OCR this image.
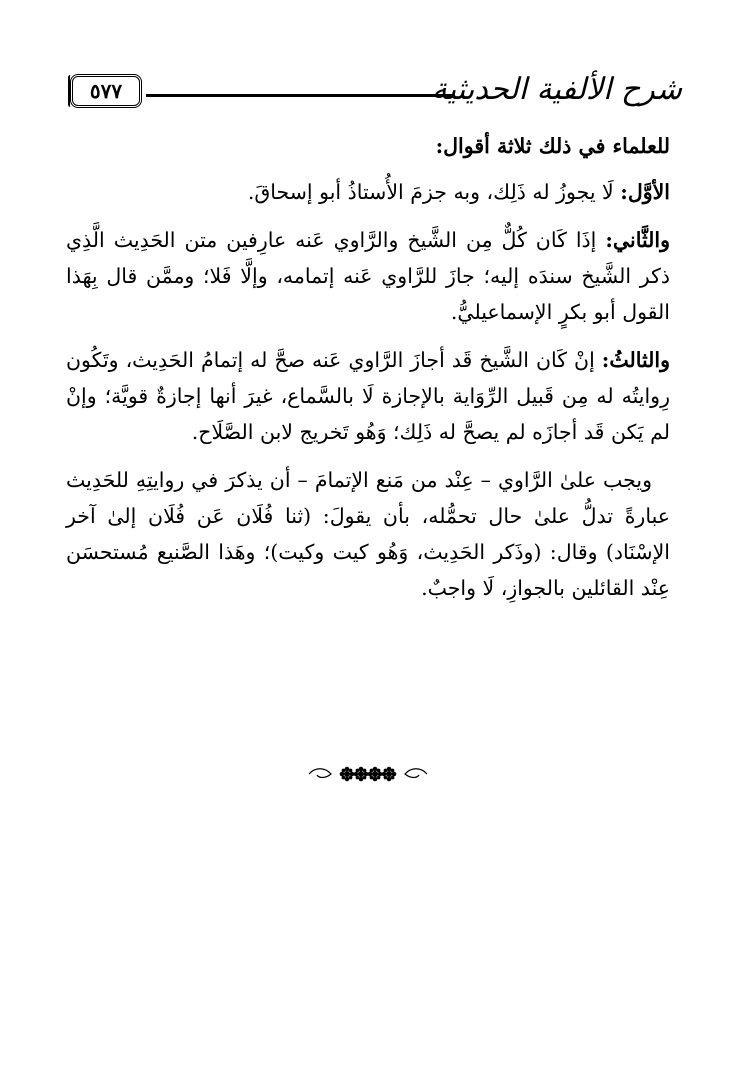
٥٧٧	شرح الألفية الحديثية

للعلماء في ذلك ثلاثة أقوال:

الأوَّل: لَا يجوزُ له ذَلِك، وبه جزمَ الأُستاذُ أبو إسحاقَ.

والثَّاني: إذَا كَان كُلٌّ مِن الشَّيخ والرَّاوي عَنه عارِفين متن الحَدِيث الَّذِي ذكر الشَّيخ سندَه إليه؛ جازَ للرَّاوي عَنه إتمامه، وإلَّا فَلا؛ وممَّن قال بِهَذا القول أبو بكرٍ الإسماعيليُّ.

والثالثُ: إنْ كَان الشَّيخ قَد أجازَ الرَّاوي عَنه صحَّ له إتمامُ الحَدِيث، وتَكُون رِوايتُه له مِن قَبيل الرِّوَاية بالإجازة لَا بالسَّماع، غيرَ أنها إجازةٌ قويَّة؛ وإنْ لم يَكن قَد أجازَه لم يصحَّ له ذَلِك؛ وَهُو تَخريج لابن الصَّلَاح.

ويجب علىٰ الرَّاوي – عِنْد من مَنع الإتمامَ – أن يذكرَ في روايتِهِ للحَدِيث عبارةً تدلُّ علىٰ حال تحمُّله، بأن يقولَ: (ثنا فُلَان عَن فُلَان إلىٰ آخر الإسْنَاد) وقال: (وذَكر الحَدِيث، وَهُو كيت وكيت)؛ وهَذا الصَّنيع مُستحسَن عِنْد القائلين بالجوازِ، لَا واجبٌ.
